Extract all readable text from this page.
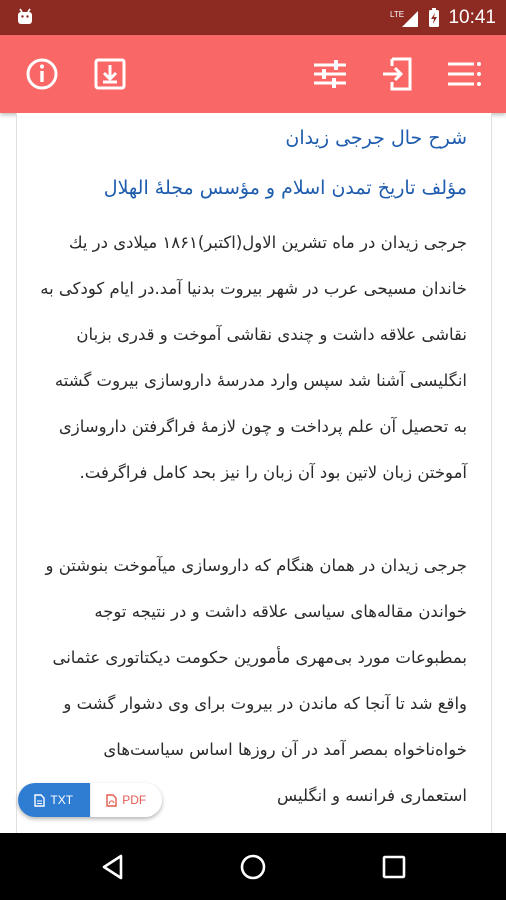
LTE 10:41
شرح حال جرجی زیدان
مؤلف تاریخ تمدن اسلام و مؤسس مجلۀ الهلال

جرجی زیدان در ماه تشرین الاول(اکتبر)۱۸۶۱ میلادی در یك خاندان مسیحی عرب در شهر بیروت بدنیا آمد.در ایام کودکی به نقاشی علاقه داشت و چندی نقاشی آموخت و قدری بزبان انگلیسی آشنا شد سپس وارد مدرسۀ داروسازی بیروت گشته به تحصیل آن علم پرداخت و چون لازمۀ فراگرفتن داروسازی آموختن زبان لاتین بود آن زبان را نیز بحد کامل فراگرفت.

جرجی زیدان در همان هنگام که داروسازی میآموخت بنوشتن و خواندن مقاله‌های سیاسی علاقه داشت و در نتیجه توجه بمطبوعات مورد بی‌مهری مأمورین حکومت دیکتاتوری عثمانی واقع شد تا آنجا که ماندن در بیروت برای وی دشوار گشت و خواه‌ناخواه بمصر آمد در آن روزها اساس سیاست‌های استعماری فرانسه و انگلیس

TXT	PDF
